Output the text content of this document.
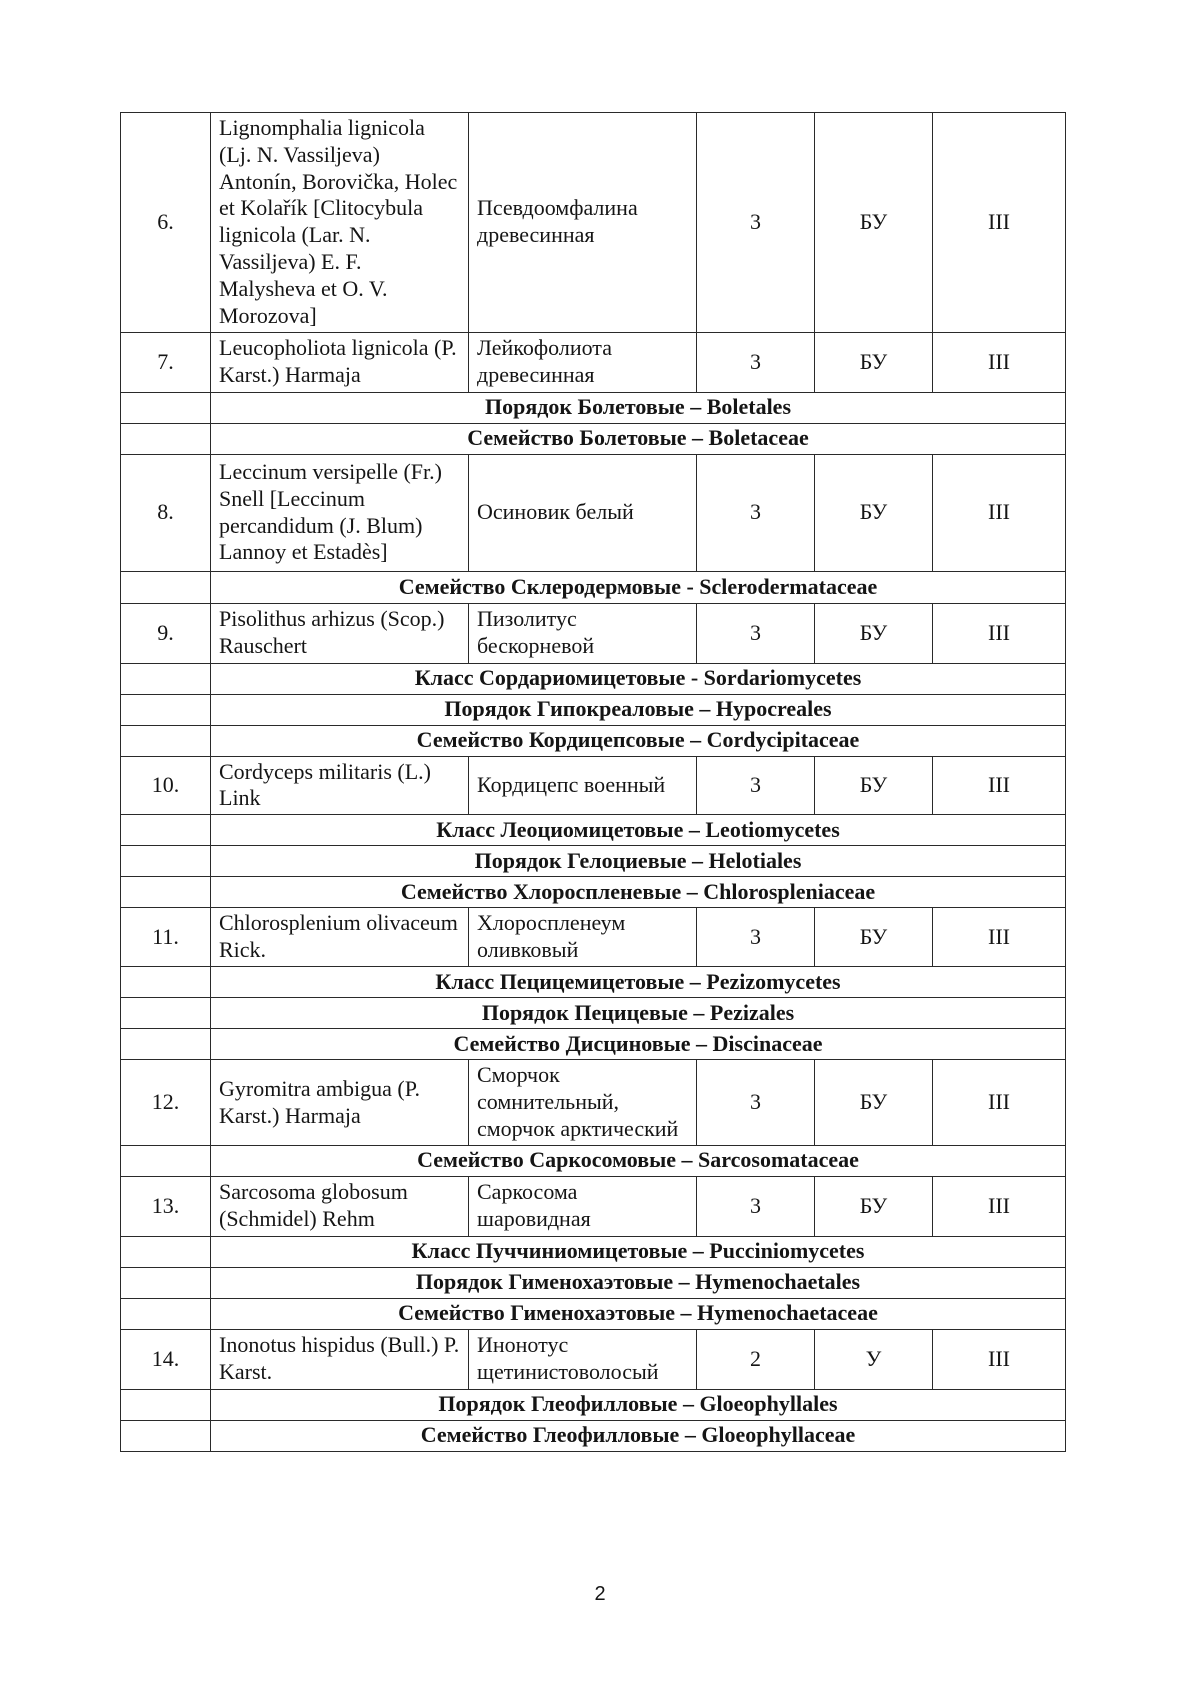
6.	Lignomphalia lignicola (Lj. N. Vassiljeva) Antonín, Borovička, Holec et Kolařík [Clitocybula lignicola (Lar. N. Vassiljeva) E. F. Malysheva et O. V. Morozova]	Псевдоомфалина древесинная	3	БУ	III
7.	Leucopholiota lignicola (P. Karst.) Harmaja	Лейкофолиота древесинная	3	БУ	III
	Порядок Болетовые – Boletales				
	Семейство Болетовые – Boletaceae				
8.	Leccinum versipelle (Fr.) Snell [Leccinum percandidum (J. Blum) Lannoy et Estadès]	Осиновик белый	3	БУ	III
	Семейство Склеродермовые - Sclerodermataceae				
9.	Pisolithus arhizus (Scop.) Rauschert	Пизолитус бескорневой	3	БУ	III
	Класс Сордариомицетовые - Sordariomycetes				
	Порядок Гипокреаловые – Hypocreales				
	Семейство Кордицепсовые – Cordycipitaceae				
10.	Cordyceps militaris (L.) Link	Кордицепс военный	3	БУ	III
	Класс Леоциомицетовые – Leotiomycetes				
	Порядок Гелоциевые – Helotiales				
	Семейство Хлороспленевые – Chlorospleniaceae				
11.	Chlorosplenium olivaceum Rick.	Хлороспленеум оливковый	3	БУ	III
	Класс Пецицемицетовые – Pezizomycetes				
	Порядок Пецицевые – Pezizales				
	Семейство Дисциновые – Discinaceae				
12.	Gyromitra ambigua (P. Karst.) Harmaja	Сморчок сомнительный, сморчок арктический	3	БУ	III
	Семейство Саркосомовые – Sarcosomataceae				
13.	Sarcosoma globosum (Schmidel) Rehm	Саркосома шаровидная	3	БУ	III
	Класс Пуччиниомицетовые – Pucciniomycetes				
	Порядок Гименохаэтовые – Hymenochaetales				
	Семейство Гименохаэтовые – Hymenochaetaceae				
14.	Inonotus hispidus (Bull.) P. Karst.	Инонотус щетинистоволосый	2	У	III
	Порядок Глеофилловые – Gloeophyllales				
	Семейство Глеофилловые – Gloeophyllaceae				
2
